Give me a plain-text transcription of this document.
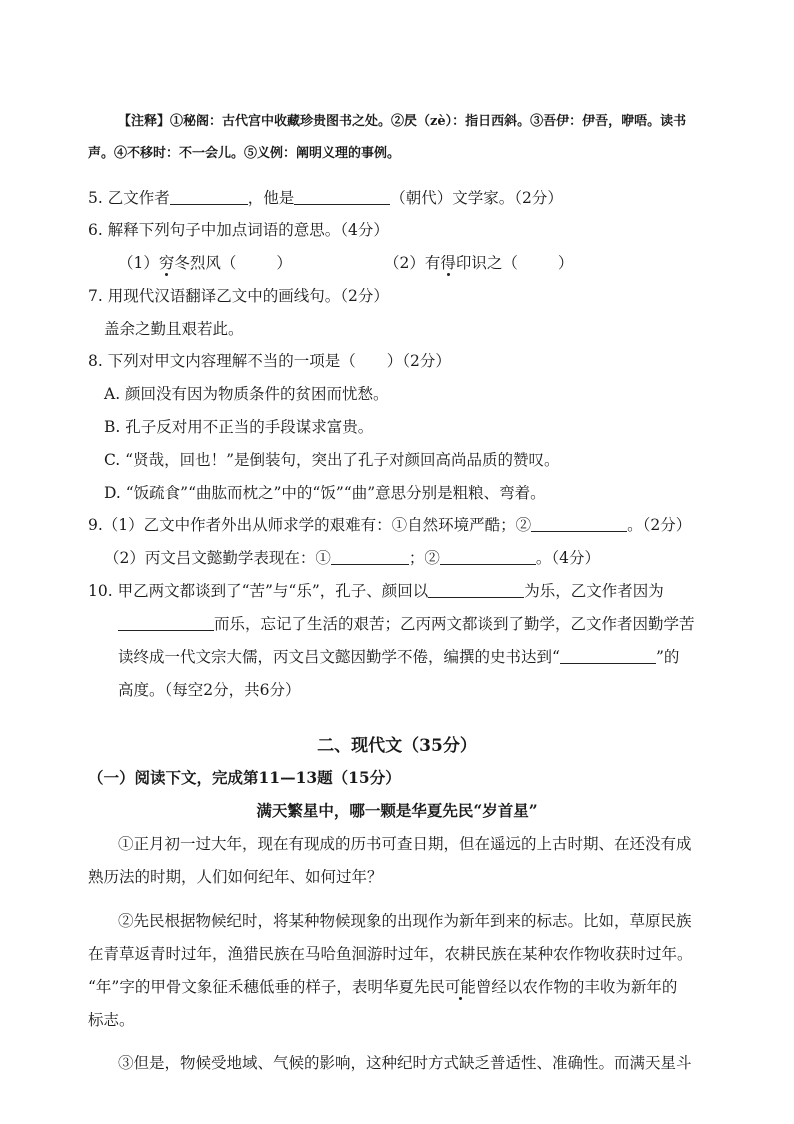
【注释】①秘阁：古代宫中收藏珍贵图书之处。②昃（zè）：指日西斜。③吾伊：伊吾，咿唔。读书
声。④不移时：不一会儿。⑤义例：阐明义理的事例。
5. 乙文作者	，他是	（朝代）文学家。（2分）
6. 解释下列句子中加点词语的意思。（4分）
（1）穷冬烈风（	）	（2）有得印识之（	）
7. 用现代汉语翻译乙文中的画线句。（2分）
盖余之勤且艰若此。
8. 下列对甲文内容理解不当的一项是（　　）（2分）
A. 颜回没有因为物质条件的贫困而忧愁。
B. 孔子反对用不正当的手段谋求富贵。
C. “贤哉，回也！”是倒装句，突出了孔子对颜回高尚品质的赞叹。
D. “饭疏食”“曲肱而枕之”中的“饭”“曲”意思分别是粗粮、弯着。
9.（1）乙文中作者外出从师求学的艰难有：①自然环境严酷；②	。（2分）
（2）丙文吕文懿勤学表现在：①	；②	。（4分）
10. 甲乙两文都谈到了“苦”与“乐”，孔子、颜回以	为乐，乙文作者因为
而乐，忘记了生活的艰苦；乙丙两文都谈到了勤学，乙文作者因勤学苦
读终成一代文宗大儒，丙文吕文懿因勤学不倦，编撰的史书达到“	”的
高度。（每空2分，共6分）
二、现代文（35分）
（一）阅读下文，完成第11—13题（15分）
满天繁星中，哪一颗是华夏先民“岁首星”
①正月初一过大年，现在有现成的历书可查日期，但在遥远的上古时期、在还没有成
熟历法的时期，人们如何纪年、如何过年？
②先民根据物候纪时，将某种物候现象的出现作为新年到来的标志。比如，草原民族
在青草返青时过年，渔猎民族在马哈鱼洄游时过年，农耕民族在某种农作物收获时过年。
“年”字的甲骨文象征禾穗低垂的样子，表明华夏先民可能曾经以农作物的丰收为新年的
标志。
③但是，物候受地域、气候的影响，这种纪时方式缺乏普适性、准确性。而满天星斗
